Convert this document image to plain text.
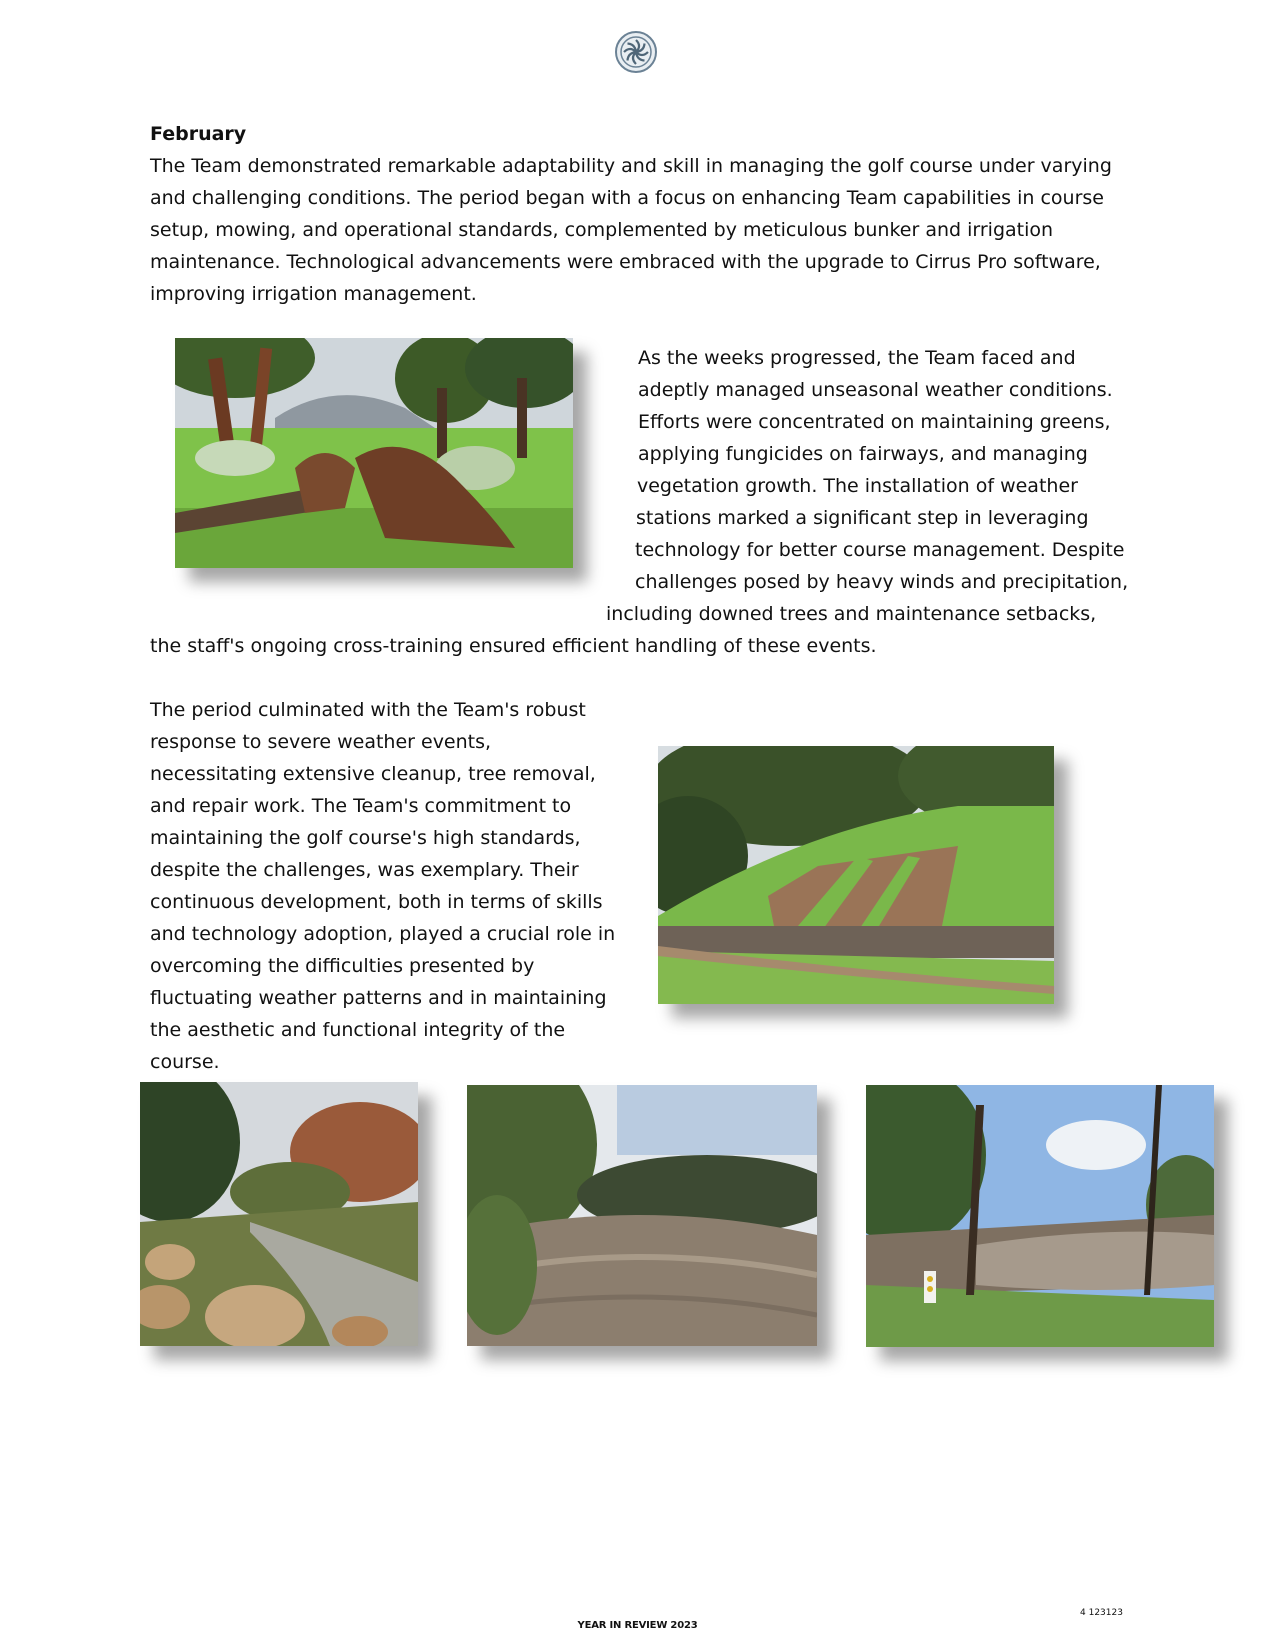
February

The Team demonstrated remarkable adaptability and skill in managing the golf course under varying and challenging conditions. The period began with a focus on enhancing Team capabilities in course setup, mowing, and operational standards, complemented by meticulous bunker and irrigation maintenance. Technological advancements were embraced with the upgrade to Cirrus Pro software, improving irrigation management.

As the weeks progressed, the Team faced and
adeptly managed unseasonal weather conditions.
Efforts were concentrated on maintaining greens,
applying fungicides on fairways, and managing
vegetation growth. The installation of weather
stations marked a significant step in leveraging
technology for better course management. Despite
challenges posed by heavy winds and precipitation,
including downed trees and maintenance setbacks,
the staff's ongoing cross-training ensured efficient handling of these events.

The period culminated with the Team's robust response to severe weather events, necessitating extensive cleanup, tree removal, and repair work. The Team's commitment to maintaining the golf course's high standards, despite the challenges, was exemplary. Their continuous development, both in terms of skills and technology adoption, played a crucial role in overcoming the difficulties presented by fluctuating weather patterns and in maintaining the aesthetic and functional integrity of the course.

4 123123
YEAR IN REVIEW 2023
